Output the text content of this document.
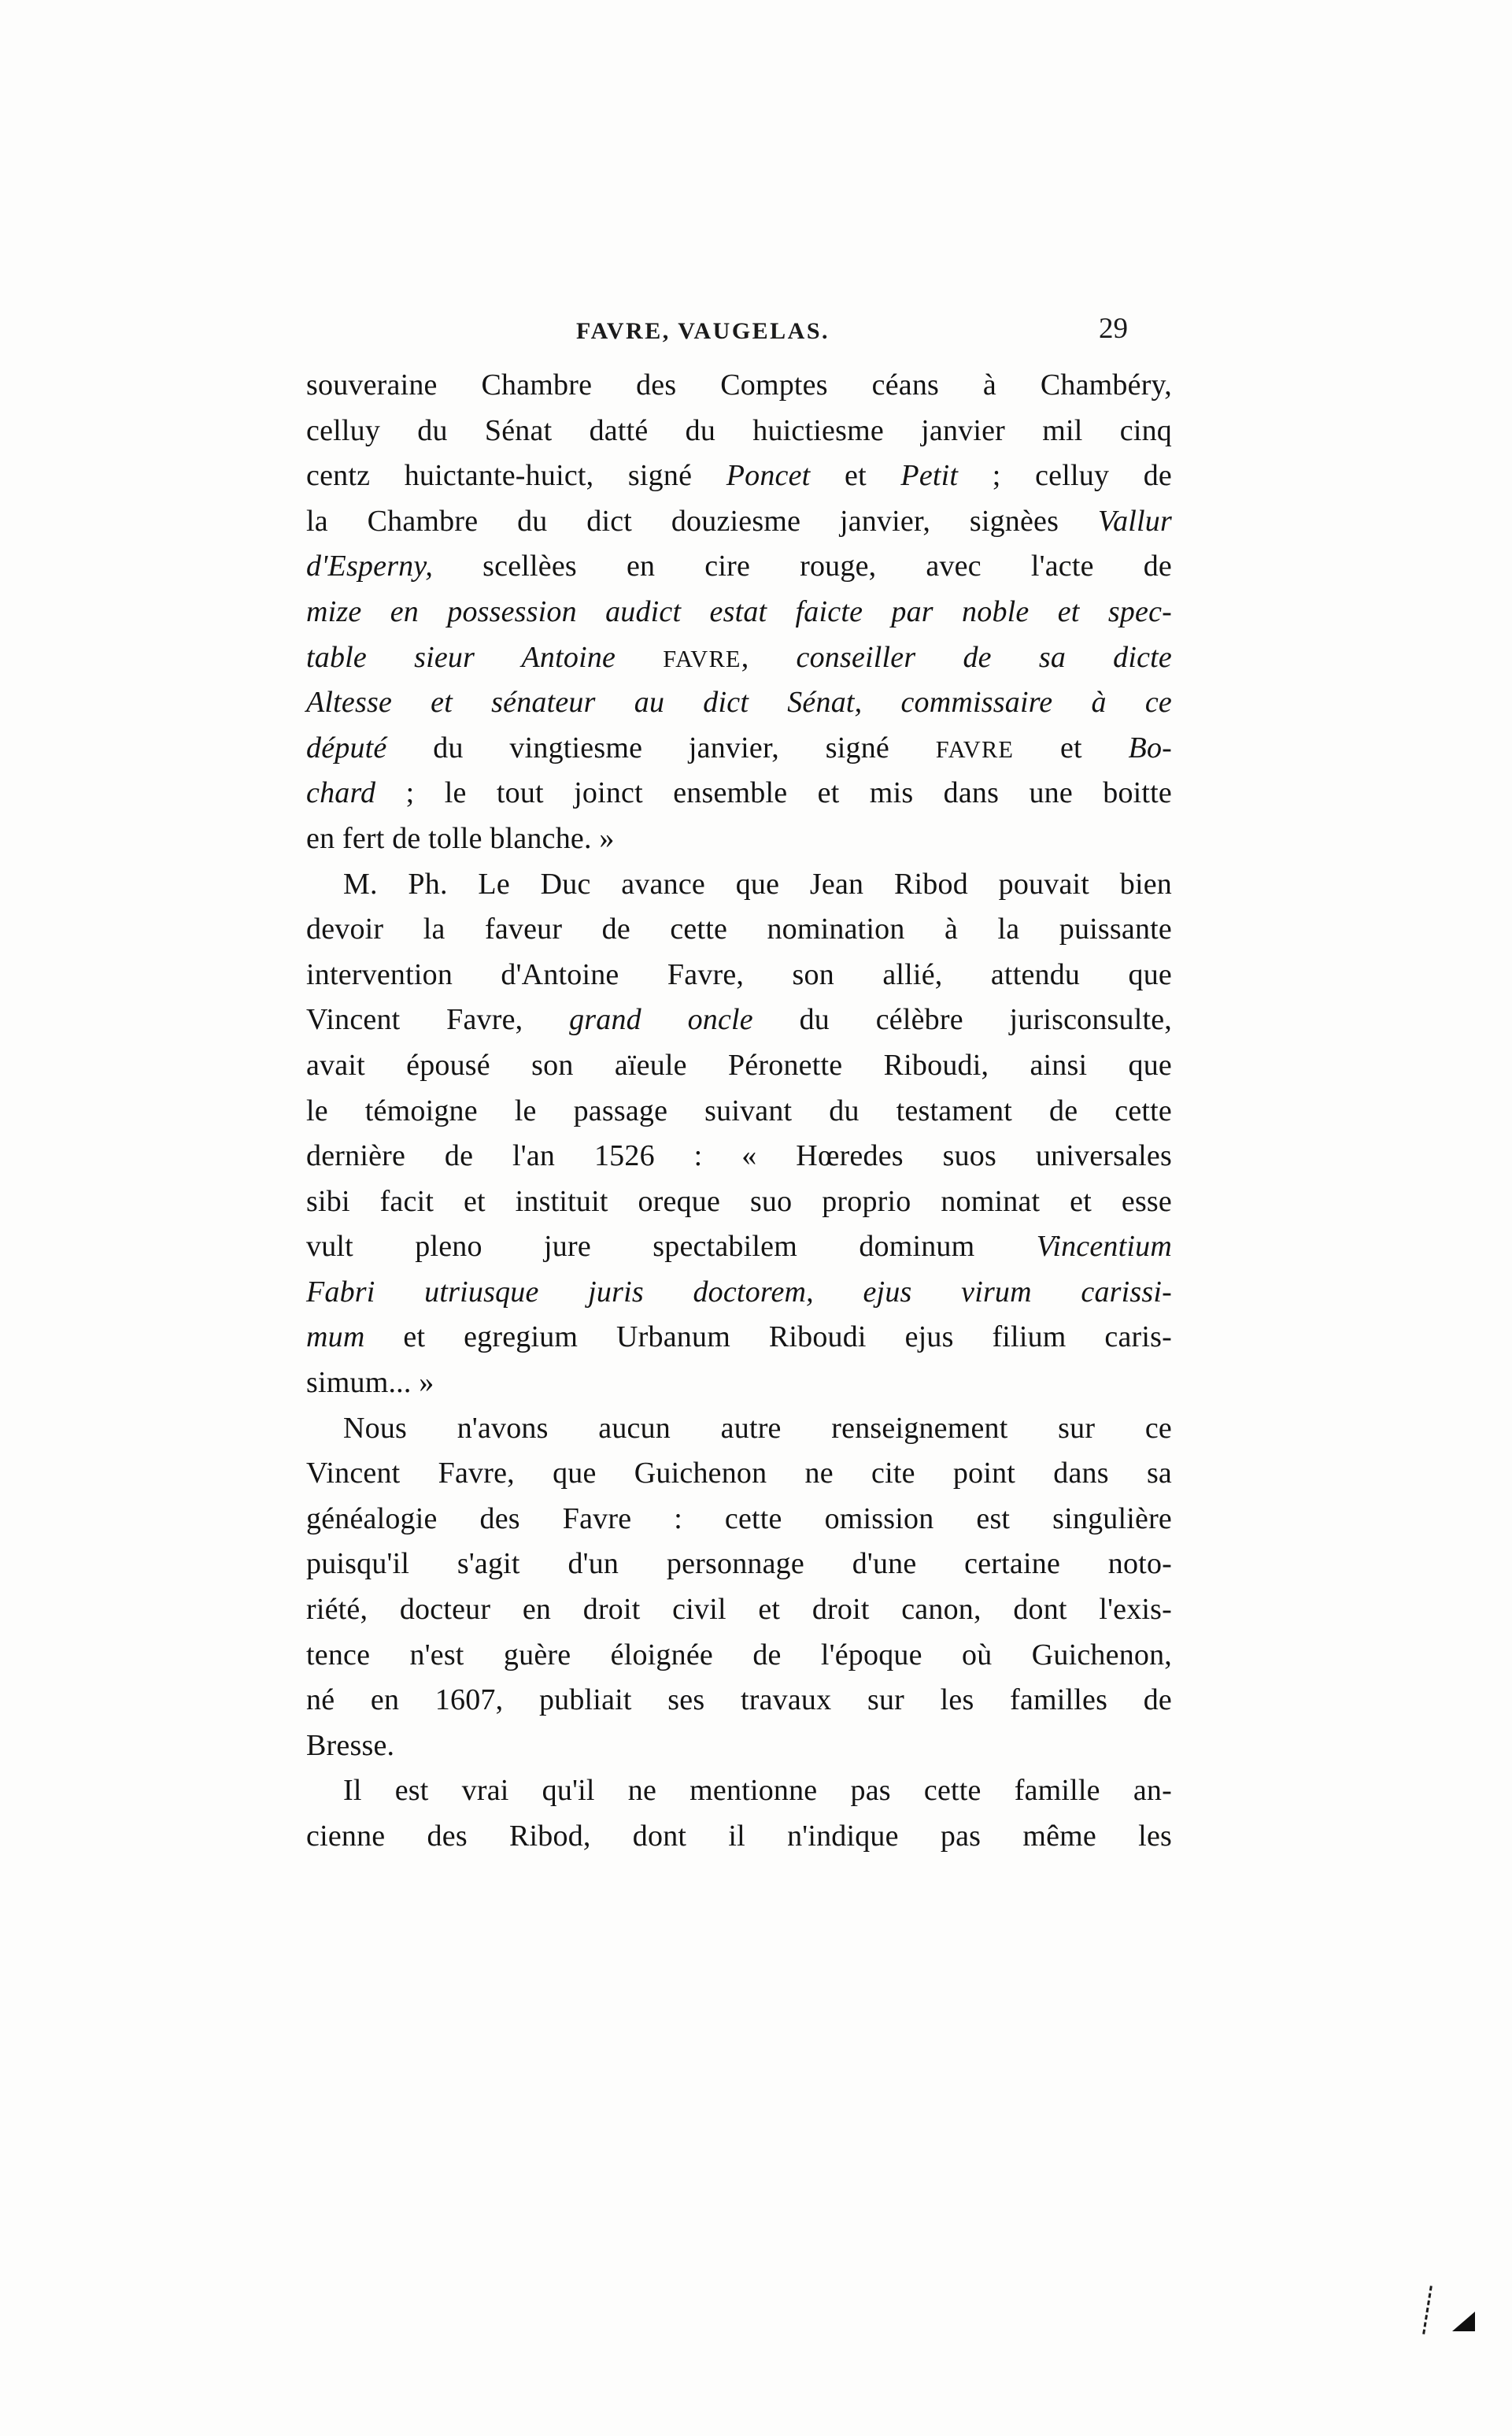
FAVRE, VAUGELAS.	29
souveraine Chambre des Comptes céans à Chambéry,
celluy du Sénat datté du huictiesme janvier mil cinq
centz huictante-huict, signé Poncet et Petit ; celluy de
la Chambre du dict douziesme janvier, signèes Vallur
d'Esperny, scellèes en cire rouge, avec l'acte de
mize en possession audict estat faicte par noble et spec-
table sieur Antoine FAVRE, conseiller de sa dicte
Altesse et sénateur au dict Sénat, commissaire à ce
député du vingtiesme janvier, signé FAVRE et Bo-
chard ; le tout joinct ensemble et mis dans une boitte
en fert de tolle blanche. »
M. Ph. Le Duc avance que Jean Ribod pouvait bien
devoir la faveur de cette nomination à la puissante
intervention d'Antoine Favre, son allié, attendu que
Vincent Favre, grand oncle du célèbre jurisconsulte,
avait épousé son aïeule Péronette Riboudi, ainsi que
le témoigne le passage suivant du testament de cette
dernière de l'an 1526 : « Hœredes suos universales
sibi facit et instituit oreque suo proprio nominat et esse
vult pleno jure spectabilem dominum Vincentium
Fabri utriusque juris doctorem, ejus virum carissi-
mum et egregium Urbanum Riboudi ejus filium caris-
simum... »
Nous n'avons aucun autre renseignement sur ce
Vincent Favre, que Guichenon ne cite point dans sa
généalogie des Favre : cette omission est singulière
puisqu'il s'agit d'un personnage d'une certaine noto-
riété, docteur en droit civil et droit canon, dont l'exis-
tence n'est guère éloignée de l'époque où Guichenon,
né en 1607, publiait ses travaux sur les familles de
Bresse.
Il est vrai qu'il ne mentionne pas cette famille an-
cienne des Ribod, dont il n'indique pas même les
